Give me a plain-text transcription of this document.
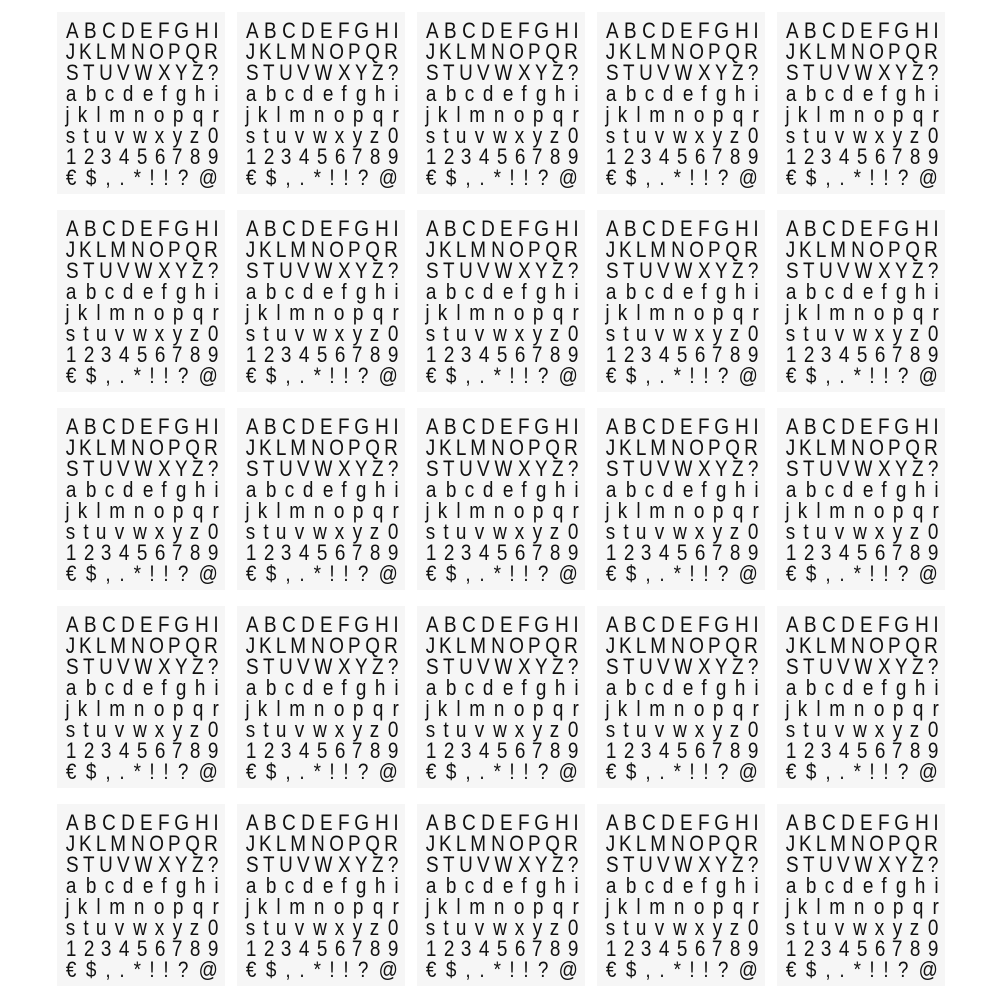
A B C D E F G H I
J K L M N O P Q R
S T U V W X Y Z ?
a b c d e f g h i
j k l m n o p q r
s t u v w x y z 0
1 2 3 4 5 6 7 8 9
€ $ , . * ! ! ? @
A B C D E F G H I
J K L M N O P Q R
S T U V W X Y Z ?
a b c d e f g h i
j k l m n o p q r
s t u v w x y z 0
1 2 3 4 5 6 7 8 9
€ $ , . * ! ! ? @
A B C D E F G H I
J K L M N O P Q R
S T U V W X Y Z ?
a b c d e f g h i
j k l m n o p q r
s t u v w x y z 0
1 2 3 4 5 6 7 8 9
€ $ , . * ! ! ? @
A B C D E F G H I
J K L M N O P Q R
S T U V W X Y Z ?
a b c d e f g h i
j k l m n o p q r
s t u v w x y z 0
1 2 3 4 5 6 7 8 9
€ $ , . * ! ! ? @
A B C D E F G H I
J K L M N O P Q R
S T U V W X Y Z ?
a b c d e f g h i
j k l m n o p q r
s t u v w x y z 0
1 2 3 4 5 6 7 8 9
€ $ , . * ! ! ? @
A B C D E F G H I
J K L M N O P Q R
S T U V W X Y Z ?
a b c d e f g h i
j k l m n o p q r
s t u v w x y z 0
1 2 3 4 5 6 7 8 9
€ $ , . * ! ! ? @
A B C D E F G H I
J K L M N O P Q R
S T U V W X Y Z ?
a b c d e f g h i
j k l m n o p q r
s t u v w x y z 0
1 2 3 4 5 6 7 8 9
€ $ , . * ! ! ? @
A B C D E F G H I
J K L M N O P Q R
S T U V W X Y Z ?
a b c d e f g h i
j k l m n o p q r
s t u v w x y z 0
1 2 3 4 5 6 7 8 9
€ $ , . * ! ! ? @
A B C D E F G H I
J K L M N O P Q R
S T U V W X Y Z ?
a b c d e f g h i
j k l m n o p q r
s t u v w x y z 0
1 2 3 4 5 6 7 8 9
€ $ , . * ! ! ? @
A B C D E F G H I
J K L M N O P Q R
S T U V W X Y Z ?
a b c d e f g h i
j k l m n o p q r
s t u v w x y z 0
1 2 3 4 5 6 7 8 9
€ $ , . * ! ! ? @
A B C D E F G H I
J K L M N O P Q R
S T U V W X Y Z ?
a b c d e f g h i
j k l m n o p q r
s t u v w x y z 0
1 2 3 4 5 6 7 8 9
€ $ , . * ! ! ? @
A B C D E F G H I
J K L M N O P Q R
S T U V W X Y Z ?
a b c d e f g h i
j k l m n o p q r
s t u v w x y z 0
1 2 3 4 5 6 7 8 9
€ $ , . * ! ! ? @
A B C D E F G H I
J K L M N O P Q R
S T U V W X Y Z ?
a b c d e f g h i
j k l m n o p q r
s t u v w x y z 0
1 2 3 4 5 6 7 8 9
€ $ , . * ! ! ? @
A B C D E F G H I
J K L M N O P Q R
S T U V W X Y Z ?
a b c d e f g h i
j k l m n o p q r
s t u v w x y z 0
1 2 3 4 5 6 7 8 9
€ $ , . * ! ! ? @
A B C D E F G H I
J K L M N O P Q R
S T U V W X Y Z ?
a b c d e f g h i
j k l m n o p q r
s t u v w x y z 0
1 2 3 4 5 6 7 8 9
€ $ , . * ! ! ? @
A B C D E F G H I
J K L M N O P Q R
S T U V W X Y Z ?
a b c d e f g h i
j k l m n o p q r
s t u v w x y z 0
1 2 3 4 5 6 7 8 9
€ $ , . * ! ! ? @
A B C D E F G H I
J K L M N O P Q R
S T U V W X Y Z ?
a b c d e f g h i
j k l m n o p q r
s t u v w x y z 0
1 2 3 4 5 6 7 8 9
€ $ , . * ! ! ? @
A B C D E F G H I
J K L M N O P Q R
S T U V W X Y Z ?
a b c d e f g h i
j k l m n o p q r
s t u v w x y z 0
1 2 3 4 5 6 7 8 9
€ $ , . * ! ! ? @
A B C D E F G H I
J K L M N O P Q R
S T U V W X Y Z ?
a b c d e f g h i
j k l m n o p q r
s t u v w x y z 0
1 2 3 4 5 6 7 8 9
€ $ , . * ! ! ? @
A B C D E F G H I
J K L M N O P Q R
S T U V W X Y Z ?
a b c d e f g h i
j k l m n o p q r
s t u v w x y z 0
1 2 3 4 5 6 7 8 9
€ $ , . * ! ! ? @
A B C D E F G H I
J K L M N O P Q R
S T U V W X Y Z ?
a b c d e f g h i
j k l m n o p q r
s t u v w x y z 0
1 2 3 4 5 6 7 8 9
€ $ , . * ! ! ? @
A B C D E F G H I
J K L M N O P Q R
S T U V W X Y Z ?
a b c d e f g h i
j k l m n o p q r
s t u v w x y z 0
1 2 3 4 5 6 7 8 9
€ $ , . * ! ! ? @
A B C D E F G H I
J K L M N O P Q R
S T U V W X Y Z ?
a b c d e f g h i
j k l m n o p q r
s t u v w x y z 0
1 2 3 4 5 6 7 8 9
€ $ , . * ! ! ? @
A B C D E F G H I
J K L M N O P Q R
S T U V W X Y Z ?
a b c d e f g h i
j k l m n o p q r
s t u v w x y z 0
1 2 3 4 5 6 7 8 9
€ $ , . * ! ! ? @
A B C D E F G H I
J K L M N O P Q R
S T U V W X Y Z ?
a b c d e f g h i
j k l m n o p q r
s t u v w x y z 0
1 2 3 4 5 6 7 8 9
€ $ , . * ! ! ? @
